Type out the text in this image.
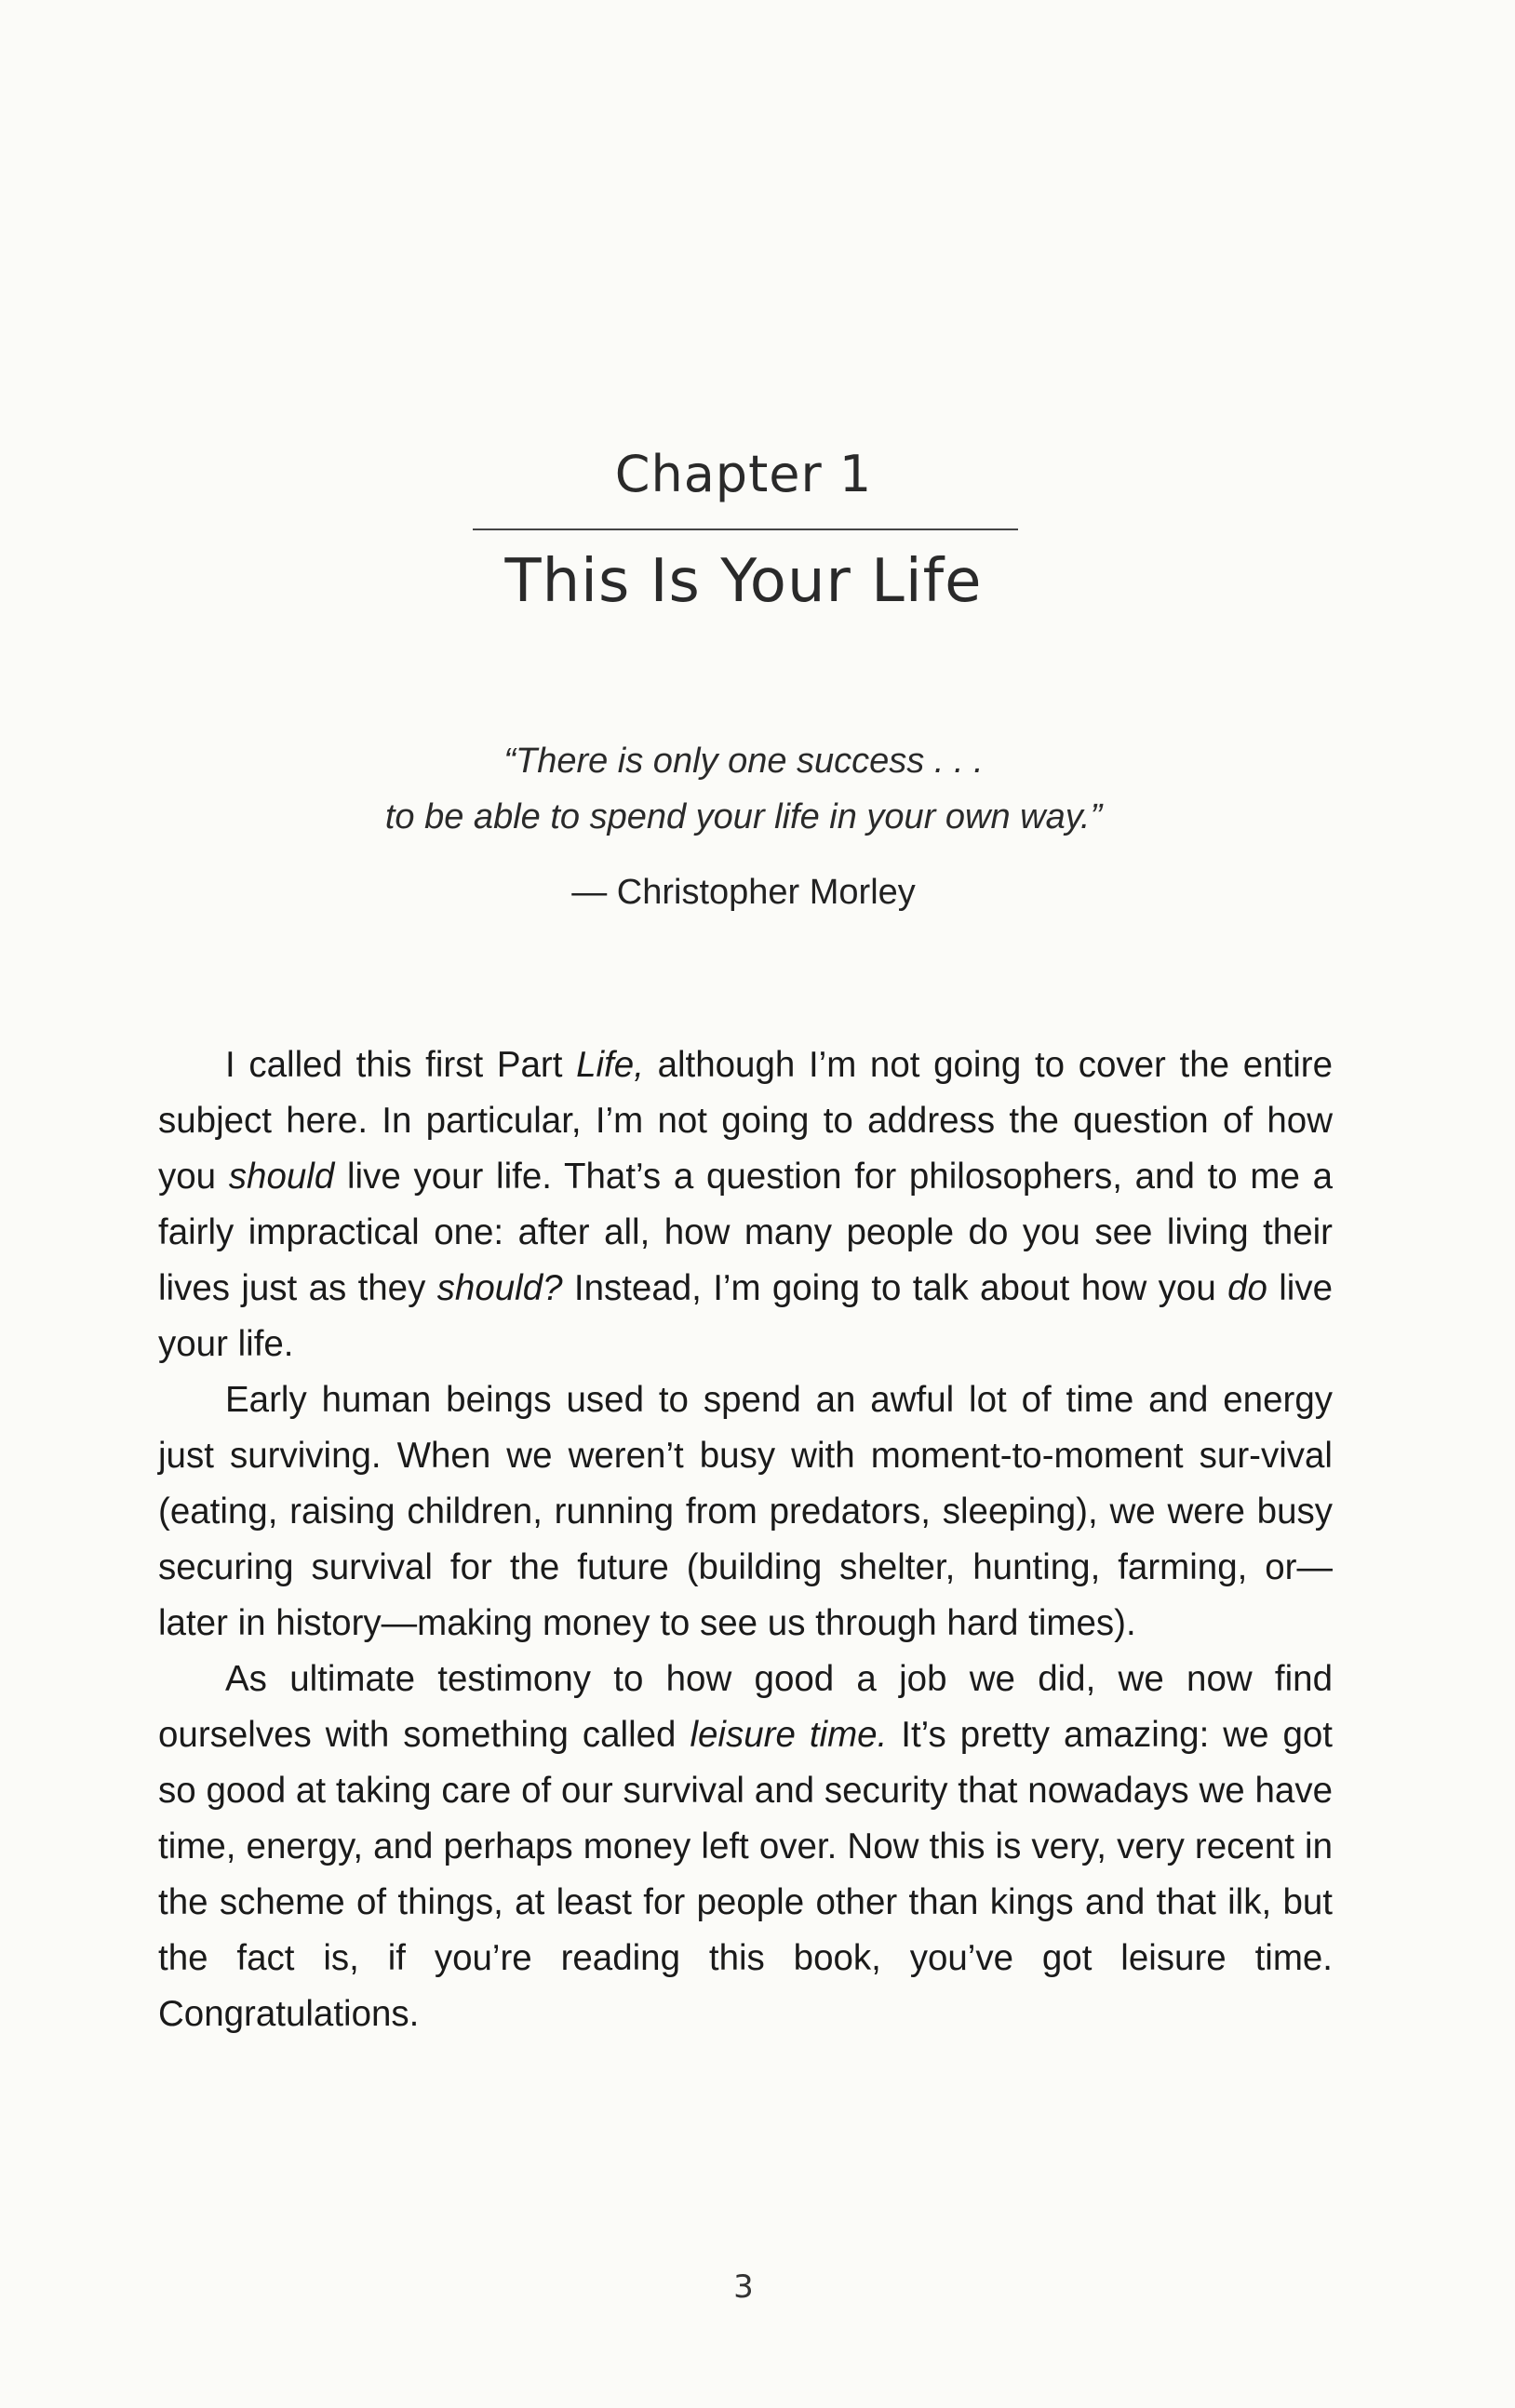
Chapter 1
This Is Your Life
“There is only one success . . .
to be able to spend your life in your own way.”
— Christopher Morley

I called this first Part Life, although I’m not going to cover the entire subject here. In particular, I’m not going to address the question of how you should live your life. That’s a question for philosophers, and to me a fairly impractical one: after all, how many people do you see living their lives just as they should? Instead, I’m going to talk about how you do live your life.

Early human beings used to spend an awful lot of time and energy just surviving. When we weren’t busy with moment-to-moment sur-vival (eating, raising children, running from predators, sleeping), we were busy securing survival for the future (building shelter, hunting, farming, or—later in history—making money to see us through hard times).

As ultimate testimony to how good a job we did, we now find ourselves with something called leisure time. It’s pretty amazing: we got so good at taking care of our survival and security that nowadays we have time, energy, and perhaps money left over. Now this is very, very recent in the scheme of things, at least for people other than kings and that ilk, but the fact is, if you’re reading this book, you’ve got leisure time. Congratulations.

3
